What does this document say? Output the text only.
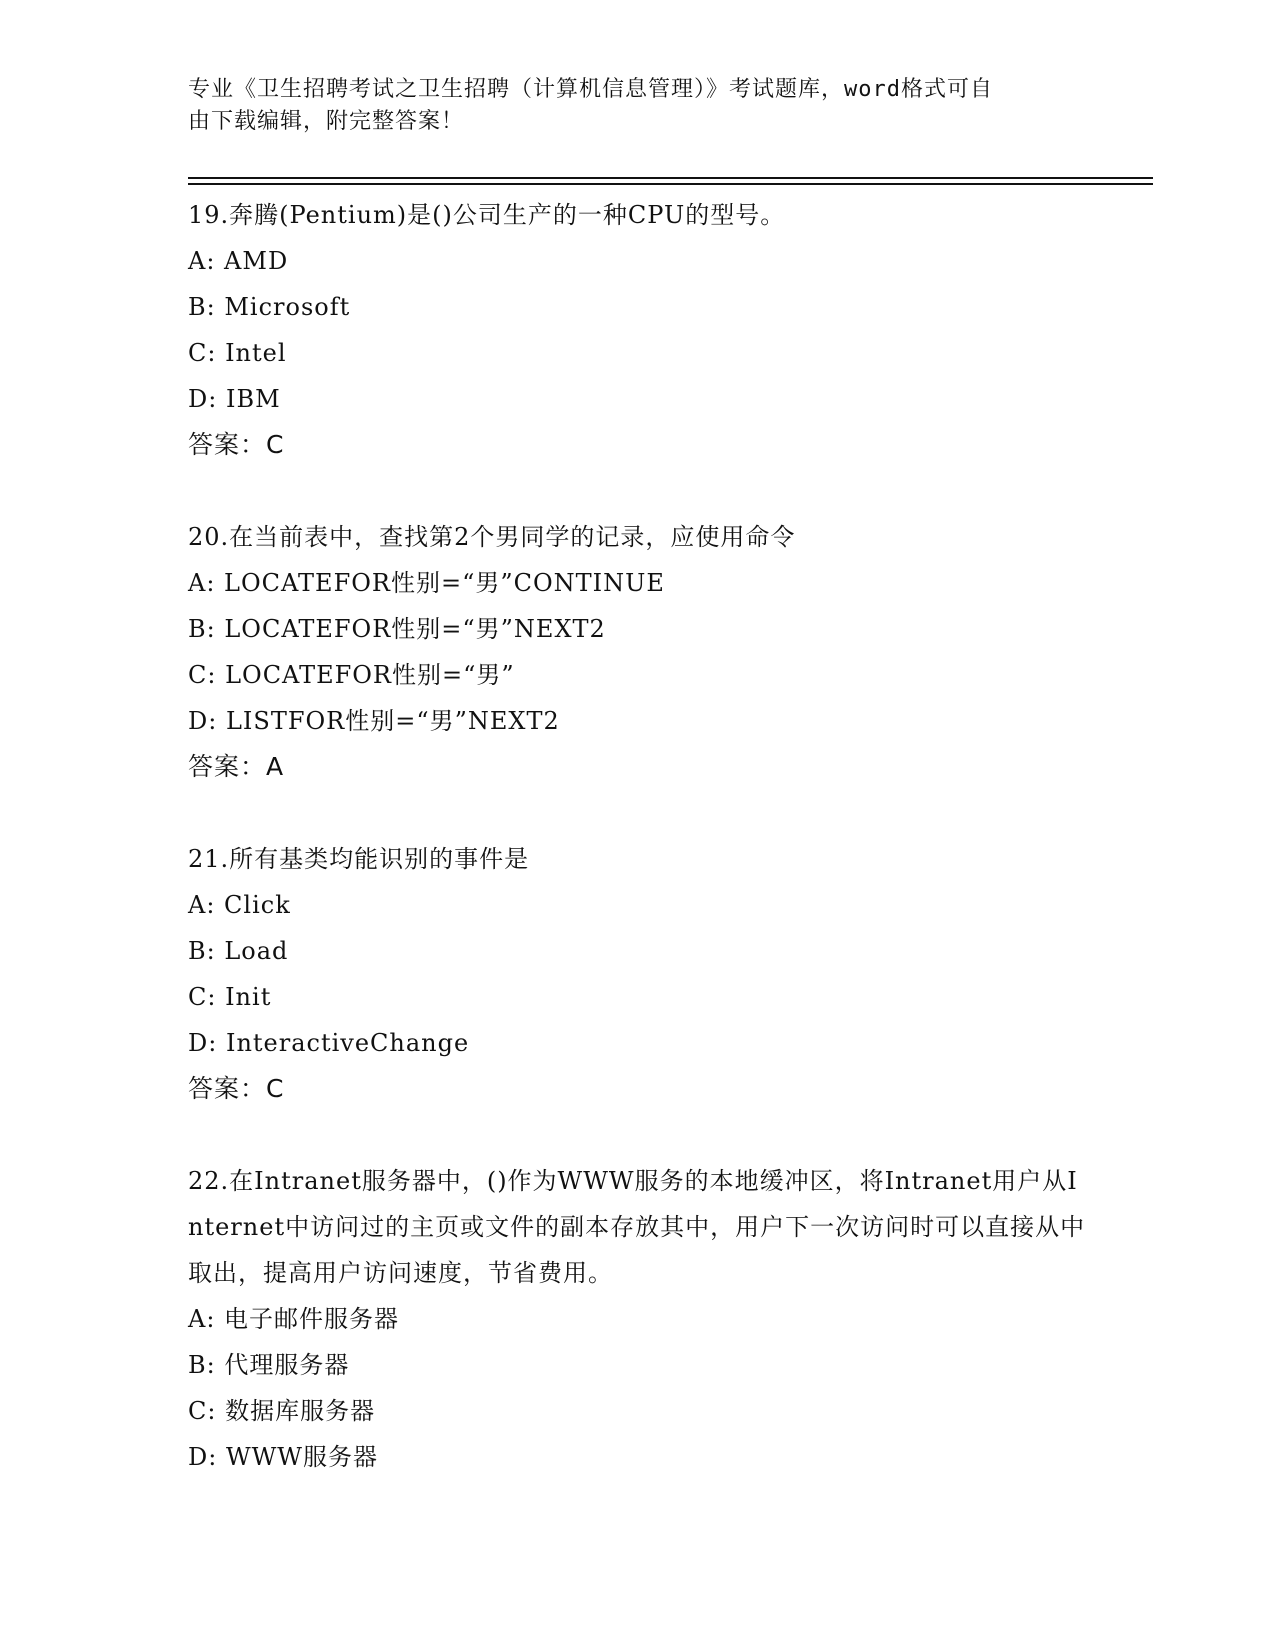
专业《卫生招聘考试之卫生招聘（计算机信息管理）》考试题库，word格式可自
由下载编辑，附完整答案！
19.奔腾(Pentium)是()公司生产的一种CPU的型号。
A: AMD
B: Microsoft
C: Intel
D: IBM
答案：C
20.在当前表中，查找第2个男同学的记录，应使用命令
A: LOCATEFOR性别=“男”CONTINUE
B: LOCATEFOR性别=“男”NEXT2
C: LOCATEFOR性别=“男”
D: LISTFOR性别=“男”NEXT2
答案：A
21.所有基类均能识别的事件是
A: Click
B: Load
C: Init
D: InteractiveChange
答案：C
22.在Intranet服务器中，()作为WWW服务的本地缓冲区，将Intranet用户从Internet中访问过的主页或文件的副本存放其中，用户下一次访问时可以直接从中取出，提高用户访问速度，节省费用。
A: 电子邮件服务器
B: 代理服务器
C: 数据库服务器
D: WWW服务器
